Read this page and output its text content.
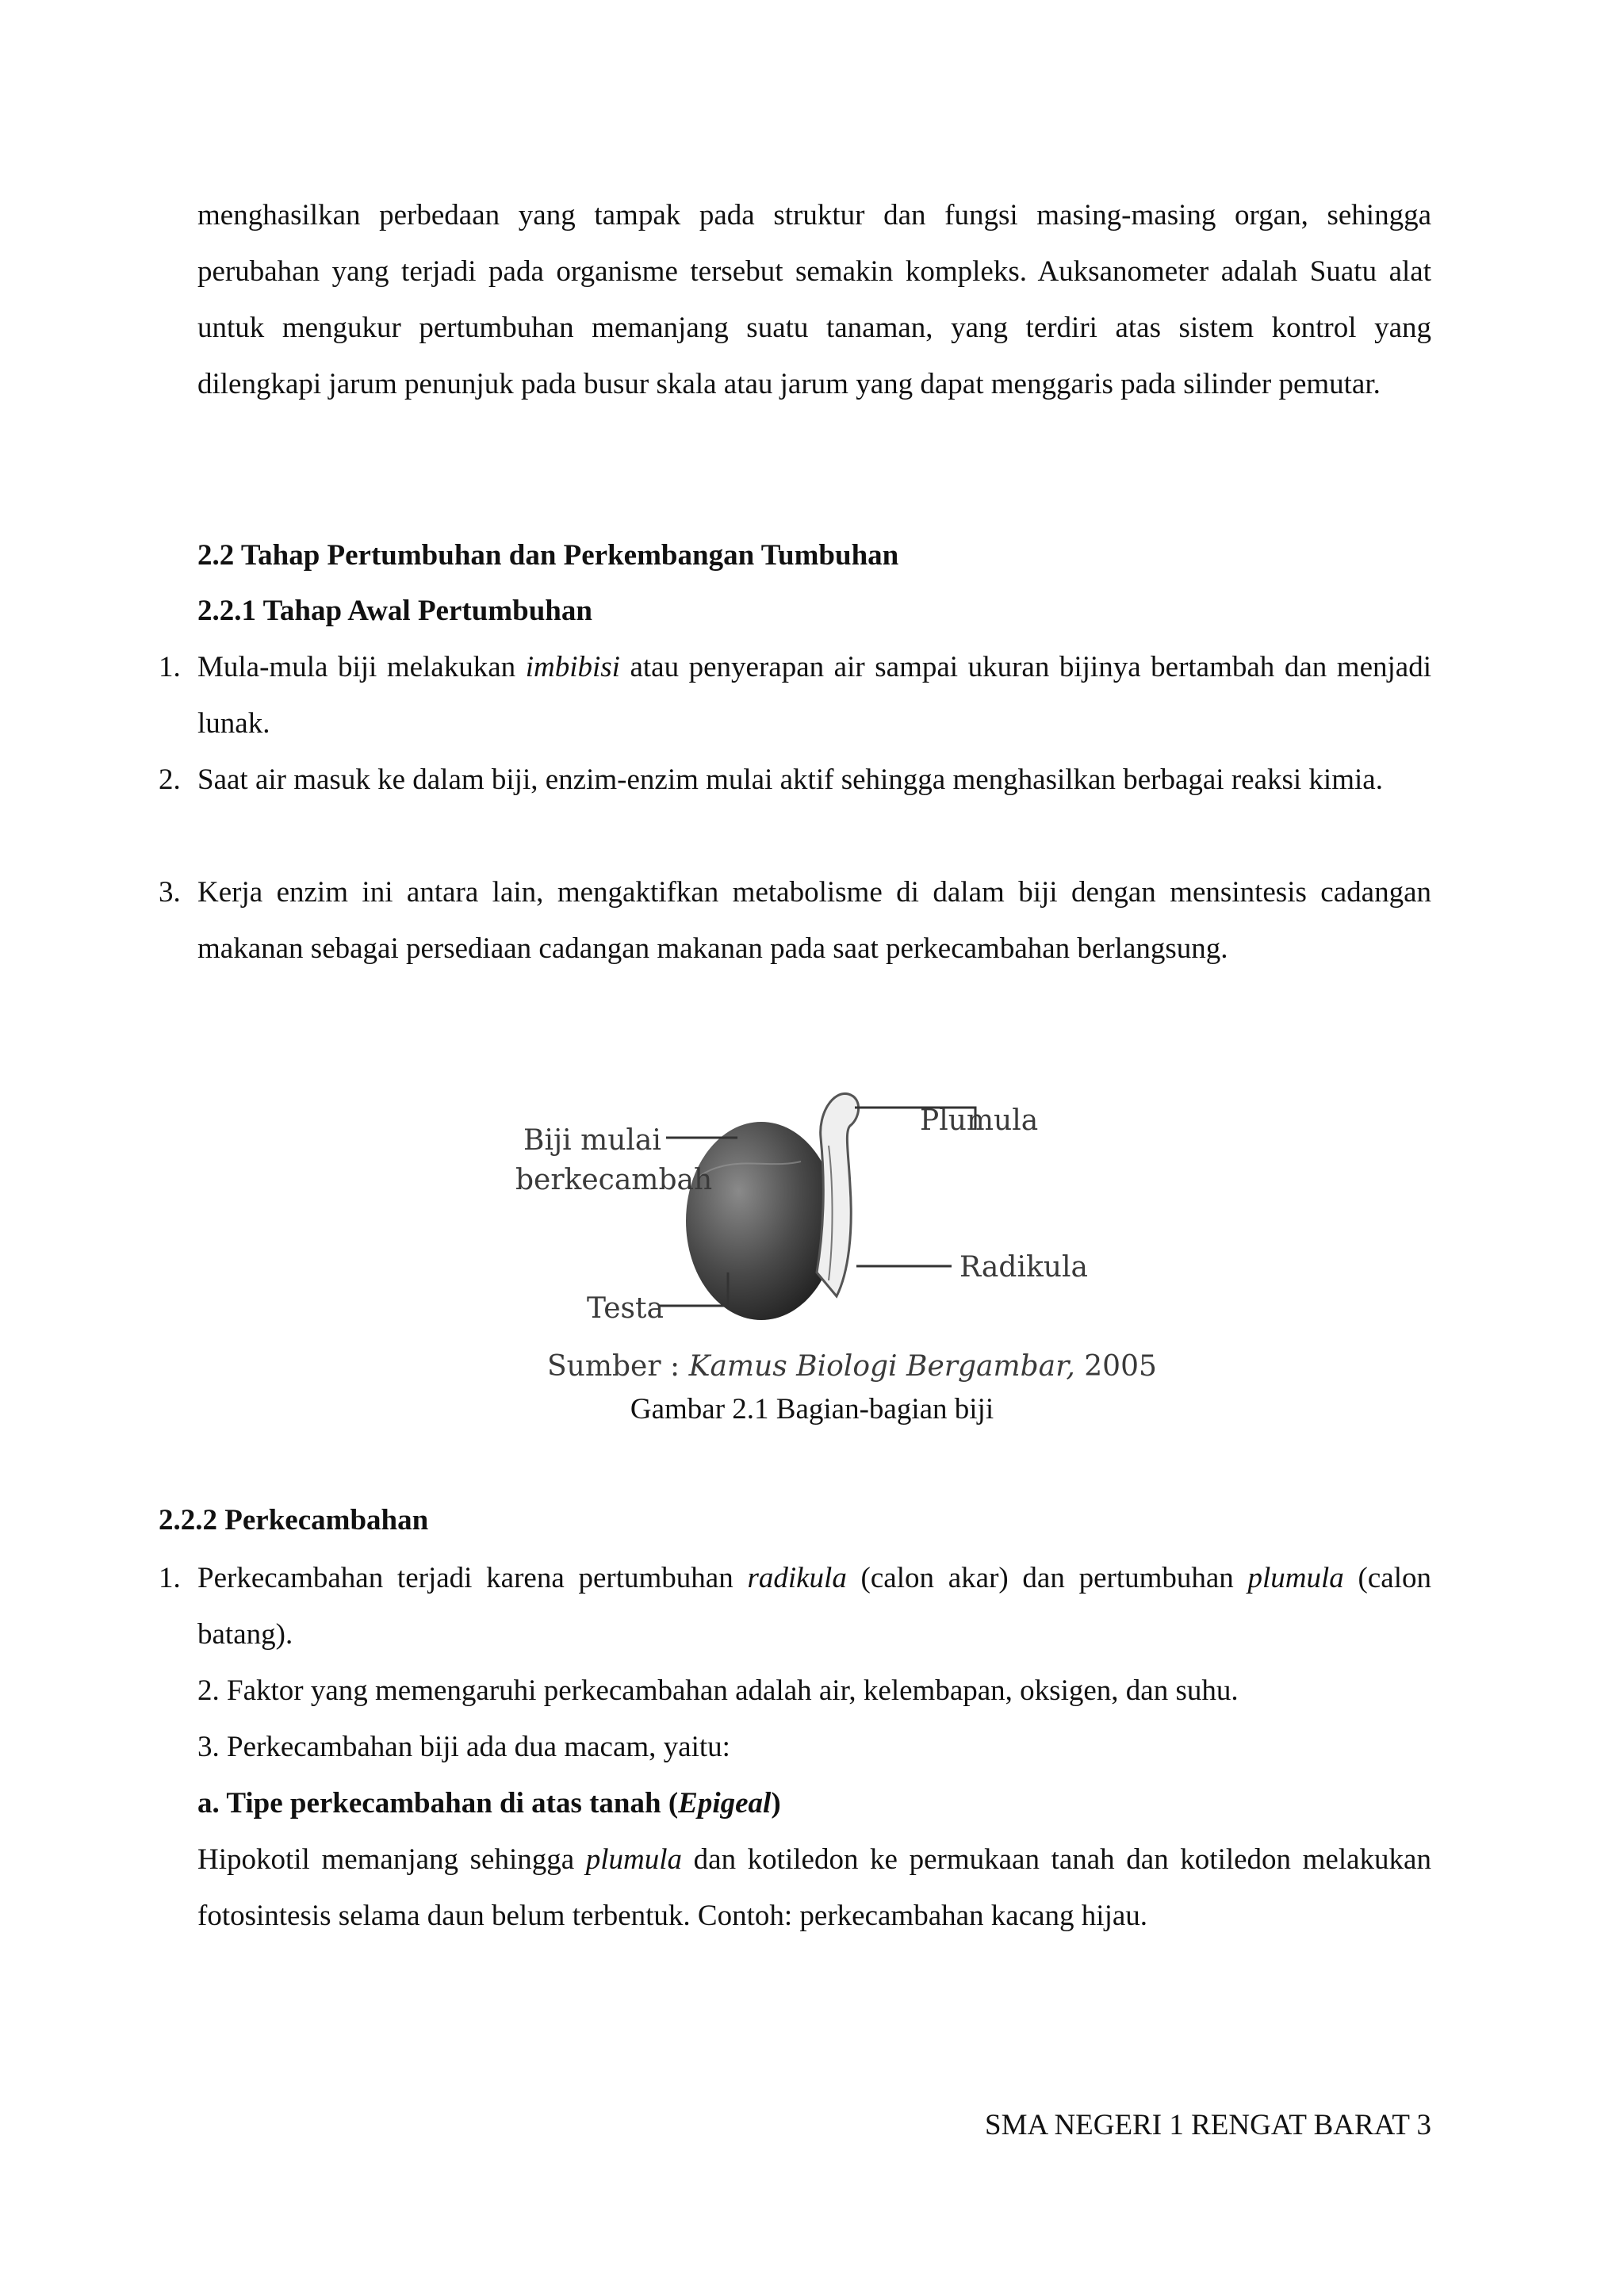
menghasilkan perbedaan yang tampak pada struktur dan fungsi masing-masing organ, sehingga perubahan yang terjadi pada organisme tersebut semakin kompleks. Auksanometer adalah Suatu alat untuk mengukur pertumbuhan memanjang suatu tanaman, yang terdiri atas sistem kontrol yang dilengkapi jarum penunjuk pada busur skala atau jarum yang dapat menggaris pada silinder pemutar.

2.2 Tahap Pertumbuhan dan Perkembangan Tumbuhan

2.2.1 Tahap Awal Pertumbuhan

1. Mula-mula biji melakukan imbibisi atau penyerapan air sampai ukuran bijinya bertambah dan menjadi lunak.

2. Saat air masuk ke dalam biji, enzim-enzim mulai aktif sehingga menghasilkan berbagai reaksi kimia.

3. Kerja enzim ini antara lain, mengaktifkan metabolisme di dalam biji dengan mensintesis cadangan makanan sebagai persediaan cadangan makanan pada saat perkecambahan berlangsung.

Biji mulai
berkecambah
Plumula
Radikula
Testa
Sumber : Kamus Biologi Bergambar, 2005
Gambar 2.1 Bagian-bagian biji

2.2.2 Perkecambahan

1. Perkecambahan terjadi karena pertumbuhan radikula (calon akar) dan pertumbuhan plumula (calon batang).

2. Faktor yang memengaruhi perkecambahan adalah air, kelembapan, oksigen, dan suhu.

3. Perkecambahan biji ada dua macam, yaitu:

a. Tipe perkecambahan di atas tanah (Epigeal)

Hipokotil memanjang sehingga plumula dan kotiledon ke permukaan tanah dan kotiledon melakukan fotosintesis selama daun belum terbentuk. Contoh: perkecambahan kacang hijau.

SMA NEGERI 1 RENGAT BARAT 3
